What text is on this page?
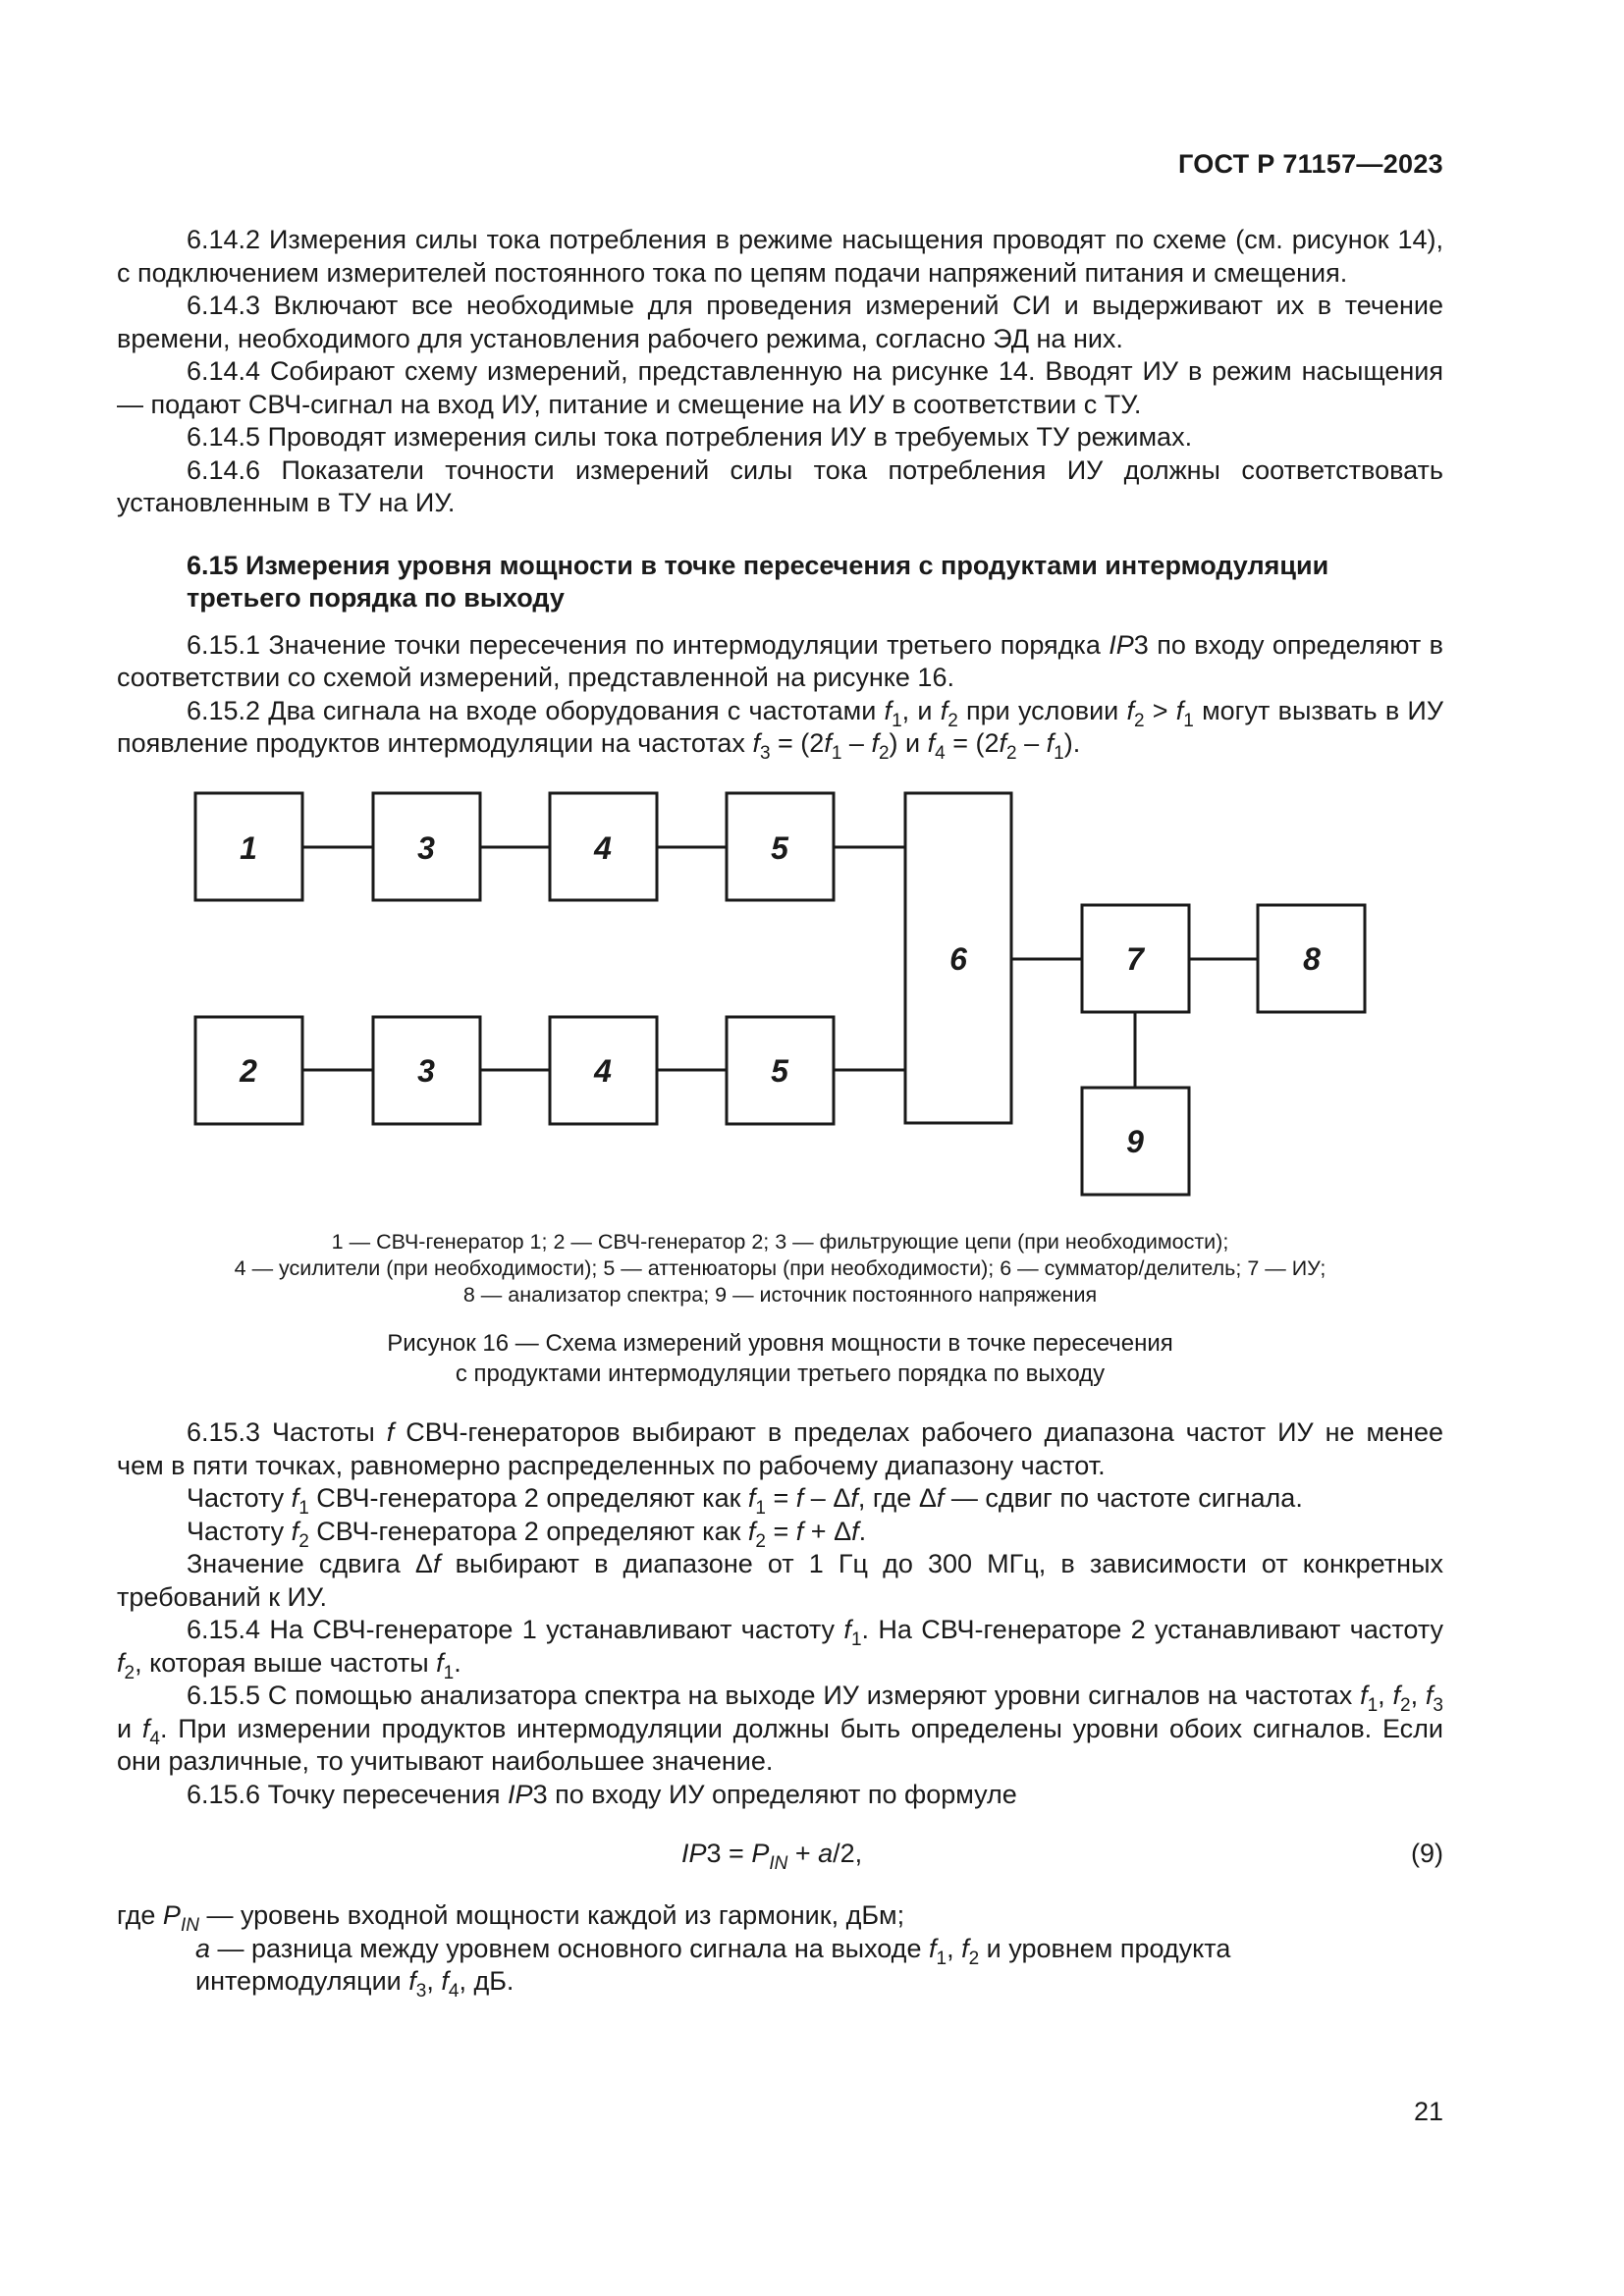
ГОСТ Р 71157—2023

6.14.2 Измерения силы тока потребления в режиме насыщения проводят по схеме (см. рисунок 14), с подключением измерителей постоянного тока по цепям подачи напряжений питания и смещения.

6.14.3 Включают все необходимые для проведения измерений СИ и выдерживают их в течение времени, необходимого для установления рабочего режима, согласно ЭД на них.

6.14.4 Собирают схему измерений, представленную на рисунке 14. Вводят ИУ в режим насыщения — подают СВЧ-сигнал на вход ИУ, питание и смещение на ИУ в соответствии с ТУ.

6.14.5 Проводят измерения силы тока потребления ИУ в требуемых ТУ режимах.

6.14.6 Показатели точности измерений силы тока потребления ИУ должны соответствовать установленным в ТУ на ИУ.

6.15 Измерения уровня мощности в точке пересечения с продуктами интермодуляции
третьего порядка по выходу

6.15.1 Значение точки пересечения по интермодуляции третьего порядка IP3 по входу определяют в соответствии со схемой измерений, представленной на рисунке 16.

6.15.2 Два сигнала на входе оборудования с частотами $f_1$, и $f_2$ при условии $f_2 > f_1$ могут вызвать в ИУ появление продуктов интермодуляции на частотах $f_3 = (2f_1 - f_2)$ и $f_4 = (2f_2 - f_1)$.

1	3	4	5
2	3	4	5
6	7	8
9
1 — СВЧ-генератор 1; 2 — СВЧ-генератор 2; 3 — фильтрующие цепи (при необходимости);
4 — усилители (при необходимости); 5 — аттенюаторы (при необходимости); 6 — сумматор/делитель; 7 — ИУ;
8 — анализатор спектра; 9 — источник постоянного напряжения
Рисунок 16 — Схема измерений уровня мощности в точке пересечения
с продуктами интермодуляции третьего порядка по выходу

6.15.3 Частоты f СВЧ-генераторов выбирают в пределах рабочего диапазона частот ИУ не менее чем в пяти точках, равномерно распределенных по рабочему диапазону частот.

Частоту $f_1$ СВЧ-генератора 2 определяют как $f_1 = f - \Delta f$, где Δf — сдвиг по частоте сигнала.

Частоту $f_2$ СВЧ-генератора 2 определяют как $f_2 = f + \Delta f$.

Значение сдвига Δf выбирают в диапазоне от 1 Гц до 300 МГц, в зависимости от конкретных требований к ИУ.

6.15.4 На СВЧ-генераторе 1 устанавливают частоту $f_1$. На СВЧ-генераторе 2 устанавливают частоту $f_2$, которая выше частоты $f_1$.

6.15.5 С помощью анализатора спектра на выходе ИУ измеряют уровни сигналов на частотах $f_1$, $f_2$, $f_3$ и $f_4$. При измерении продуктов интермодуляции должны быть определены уровни обоих сигналов. Если они различные, то учитывают наибольшее значение.

6.15.6 Точку пересечения IP3 по входу ИУ определяют по формуле

$IP3 = P_{IN} + a/2$,	(9)
где $P_{IN}$ — уровень входной мощности каждой из гармоник, дБм;
a — разница между уровнем основного сигнала на выходе $f_1$, $f_2$ и уровнем продукта интермодуляции $f_3$, $f_4$, дБ.
21
